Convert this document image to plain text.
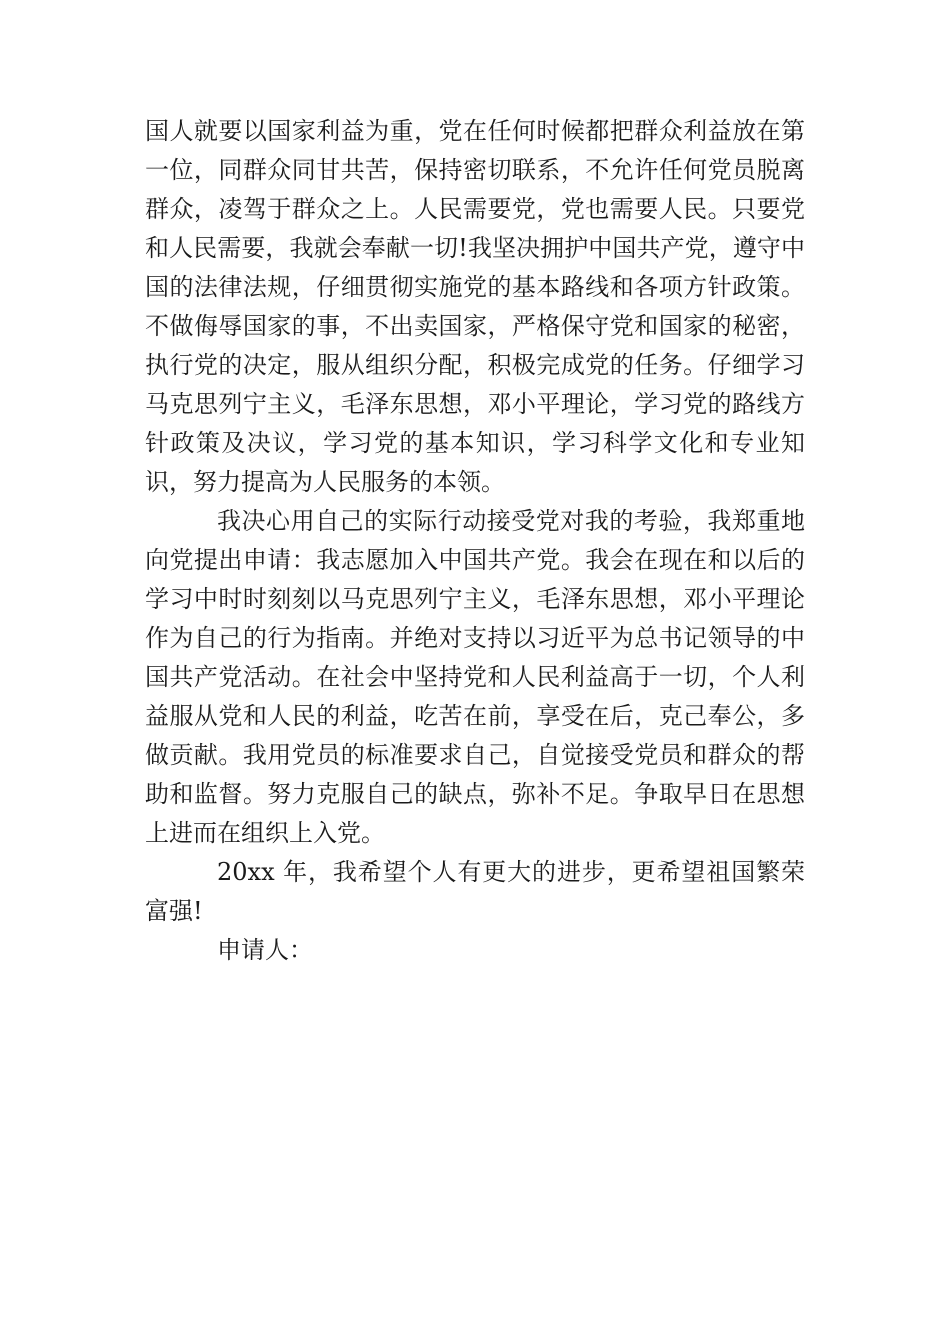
国人就要以国家利益为重，党在任何时候都把群众利益放在第一位，同群众同甘共苦，保持密切联系，不允许任何党员脱离群众，凌驾于群众之上。人民需要党，党也需要人民。只要党和人民需要，我就会奉献一切!我坚决拥护中国共产党，遵守中国的法律法规，仔细贯彻实施党的基本路线和各项方针政策。不做侮辱国家的事，不出卖国家，严格保守党和国家的秘密，执行党的决定，服从组织分配，积极完成党的任务。仔细学习马克思列宁主义，毛泽东思想，邓小平理论，学习党的路线方针政策及决议，学习党的基本知识，学习科学文化和专业知识，努力提高为人民服务的本领。

我决心用自己的实际行动接受党对我的考验，我郑重地向党提出申请：我志愿加入中国共产党。我会在现在和以后的学习中时时刻刻以马克思列宁主义，毛泽东思想，邓小平理论作为自己的行为指南。并绝对支持以习近平为总书记领导的中国共产党活动。在社会中坚持党和人民利益高于一切，个人利益服从党和人民的利益，吃苦在前，享受在后，克己奉公，多做贡献。我用党员的标准要求自己，自觉接受党员和群众的帮助和监督。努力克服自己的缺点，弥补不足。争取早日在思想上进而在组织上入党。

20xx 年，我希望个人有更大的进步，更希望祖国繁荣富强!

申请人：
